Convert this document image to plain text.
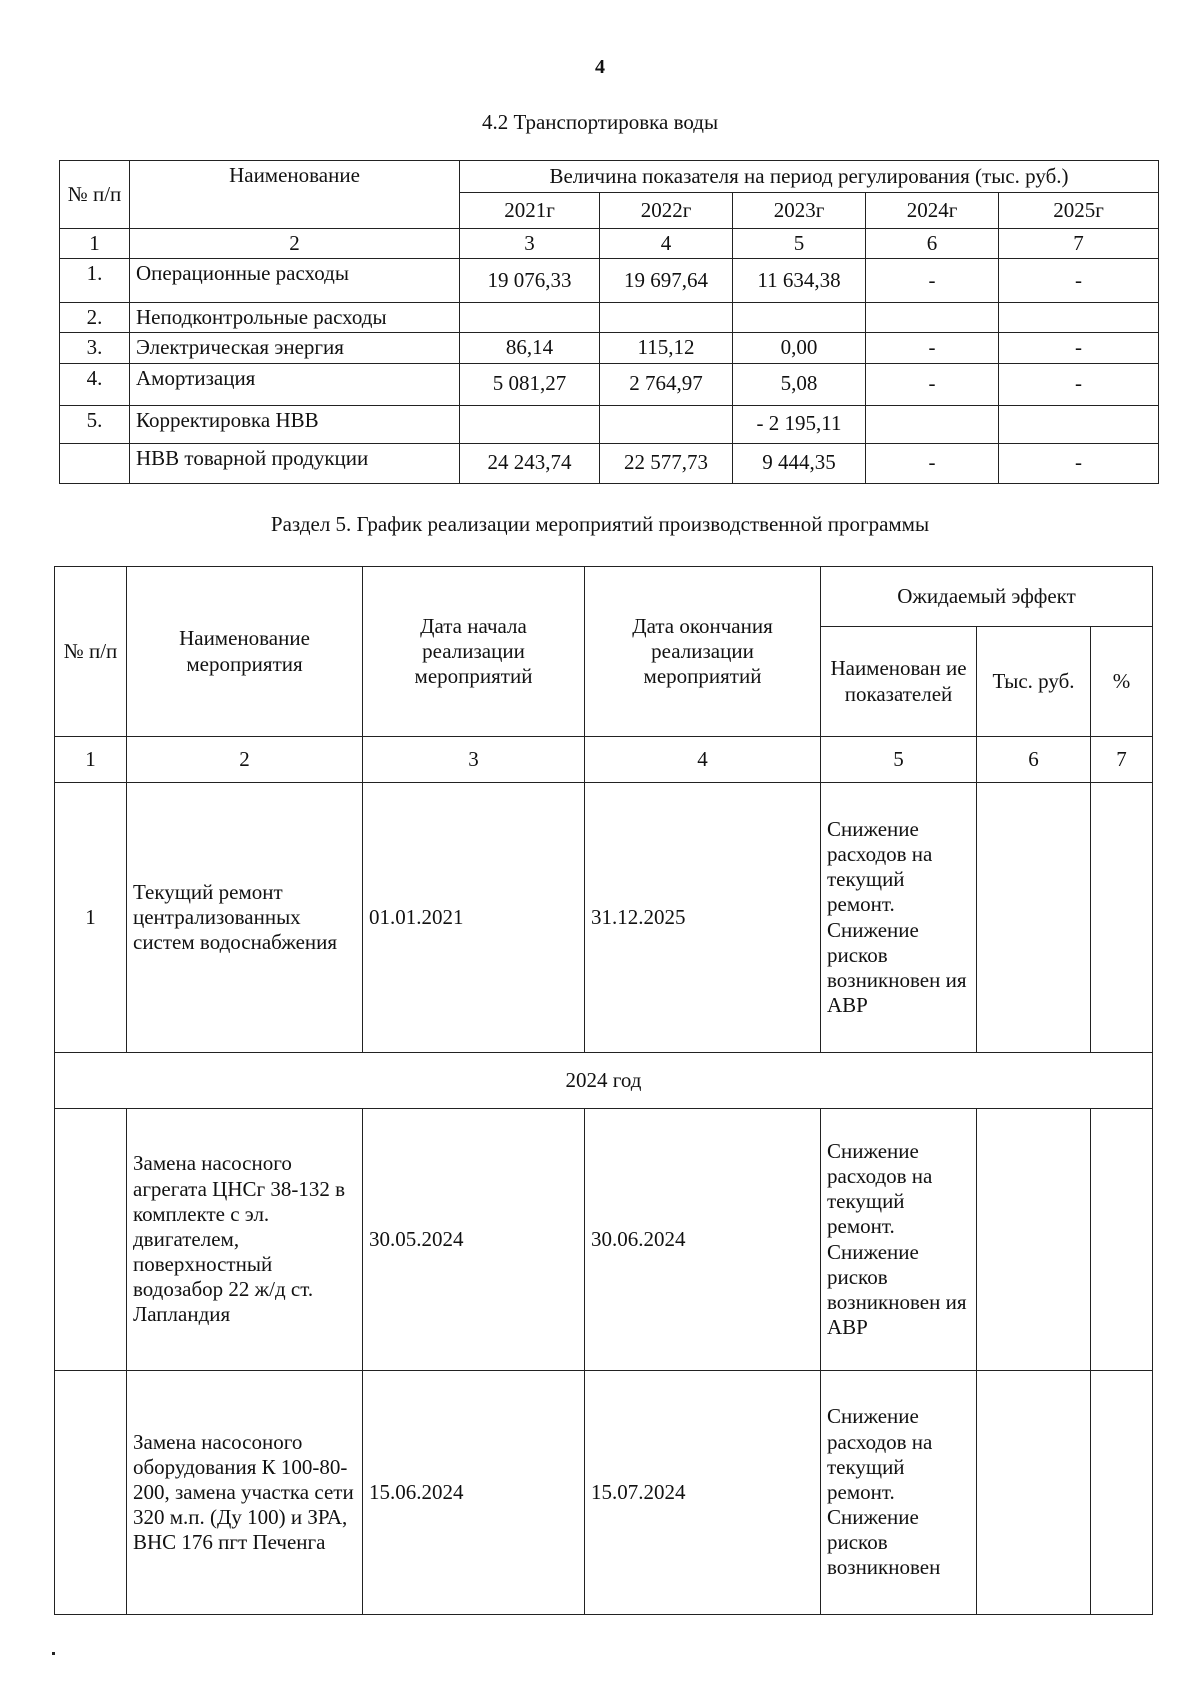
4
4.2 Транспортировка воды
№ п/п	Наименование	Величина показателя на период регулирования (тыс. руб.)				
		2021г	2022г	2023г	2024г	2025г
1	2	3	4	5	6	7
1.	Операционные расходы	19 076,33	19 697,64	11 634,38	-	-
2.	Неподконтрольные расходы					
3.	Электрическая энергия	86,14	115,12	0,00	-	-
4.	Амортизация	5 081,27	2 764,97	5,08	-	-
5.	Корректировка НВВ			- 2 195,11		
	НВВ товарной продукции	24 243,74	22 577,73	9 444,35	-	-
Раздел 5. График реализации мероприятий производственной программы
№ п/п	Наименование мероприятия	Дата начала реализации мероприятий	Дата окончания реализации мероприятий	Ожидаемый эффект		
				Наименован ие показателей	Тыс. руб.	%
1	2	3	4	5	6	7
1	Текущий ремонт централизованных систем водоснабжения	01.01.2021	31.12.2025	Снижение расходов на текущий ремонт. Снижение рисков возникновен ия АВР		
2024 год						
	Замена насосного агрегата ЦНСг 38-132 в комплекте с эл. двигателем, поверхностный водозабор 22 ж/д ст. Лапландия	30.05.2024	30.06.2024	Снижение расходов на текущий ремонт. Снижение рисков возникновен ия АВР		
	Замена насосоного оборудования К 100-80-200, замена участка сети 320 м.п. (Ду 100) и ЗРА, ВНС 176 пгт Печенга	15.06.2024	15.07.2024	Снижение расходов на текущий ремонт. Снижение рисков возникновен		
